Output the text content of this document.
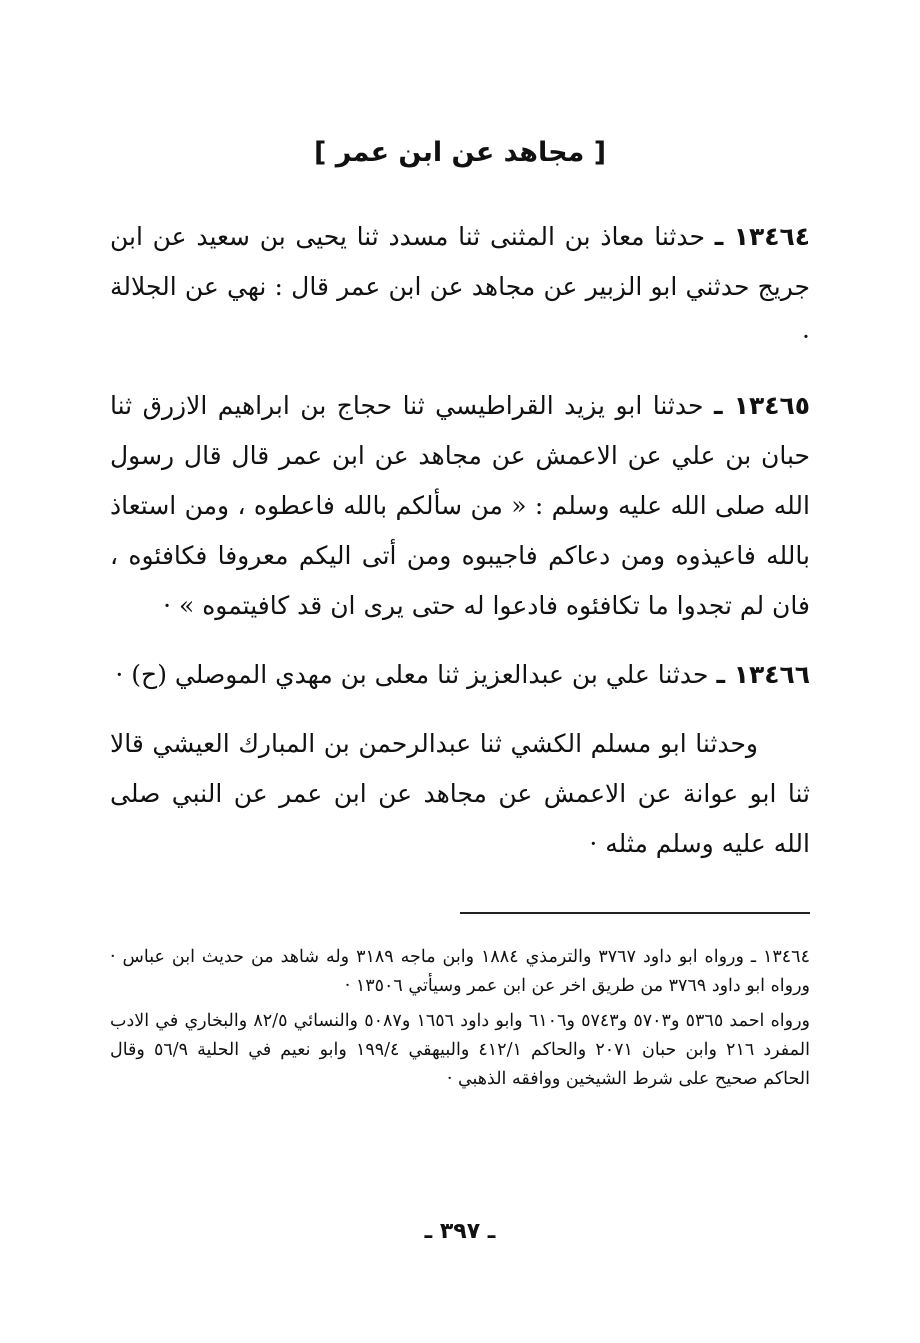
[ مجاهد عن ابن عمر ]

١٣٤٦٤ ـ حدثنا معاذ بن المثنى ثنا مسدد ثنا يحيى بن سعيد عن ابن جريج حدثني ابو الزبير عن مجاهد عن ابن عمر قال : نهي عن الجلالة ·

١٣٤٦٥ ـ حدثنا ابو يزيد القراطيسي ثنا حجاج بن ابراهيم الازرق ثنا حبان بن علي عن الاعمش عن مجاهد عن ابن عمر قال قال رسول الله صلى الله عليه وسلم : « من سألكم بالله فاعطوه ، ومن استعاذ بالله فاعيذوه ومن دعاكم فاجيبوه ومن أتى اليكم معروفا فكافئوه ، فان لم تجدوا ما تكافئوه فادعوا له حتى يرى ان قد كافيتموه » ·

١٣٤٦٦ ـ حدثنا علي بن عبدالعزيز ثنا معلى بن مهدي الموصلي (ح) ·

وحدثنا ابو مسلم الكشي ثنا عبدالرحمن بن المبارك العيشي قالا ثنا ابو عوانة عن الاعمش عن مجاهد عن ابن عمر عن النبي صلى الله عليه وسلم مثله ·

١٣٤٦٤ ـ ورواه ابو داود ٣٧٦٧ والترمذي ١٨٨٤ وابن ماجه ٣١٨٩ وله شاهد من حديث ابن عباس · ورواه ابو داود ٣٧٦٩ من طريق اخر عن ابن عمر وسيأتي ١٣٥٠٦ ·

ورواه احمد ٥٣٦٥ و٥٧٠٣ و٥٧٤٣ و٦١٠٦ وابو داود ١٦٥٦ و٥٠٨٧ والنسائي ٨٢/٥ والبخاري في الادب المفرد ٢١٦ وابن حبان ٢٠٧١ والحاكم ٤١٢/١ والبيهقي ١٩٩/٤ وابو نعيم في الحلية ٥٦/٩ وقال الحاكم صحيح على شرط الشيخين ووافقه الذهبي ·

ـ ٣٩٧ ـ
